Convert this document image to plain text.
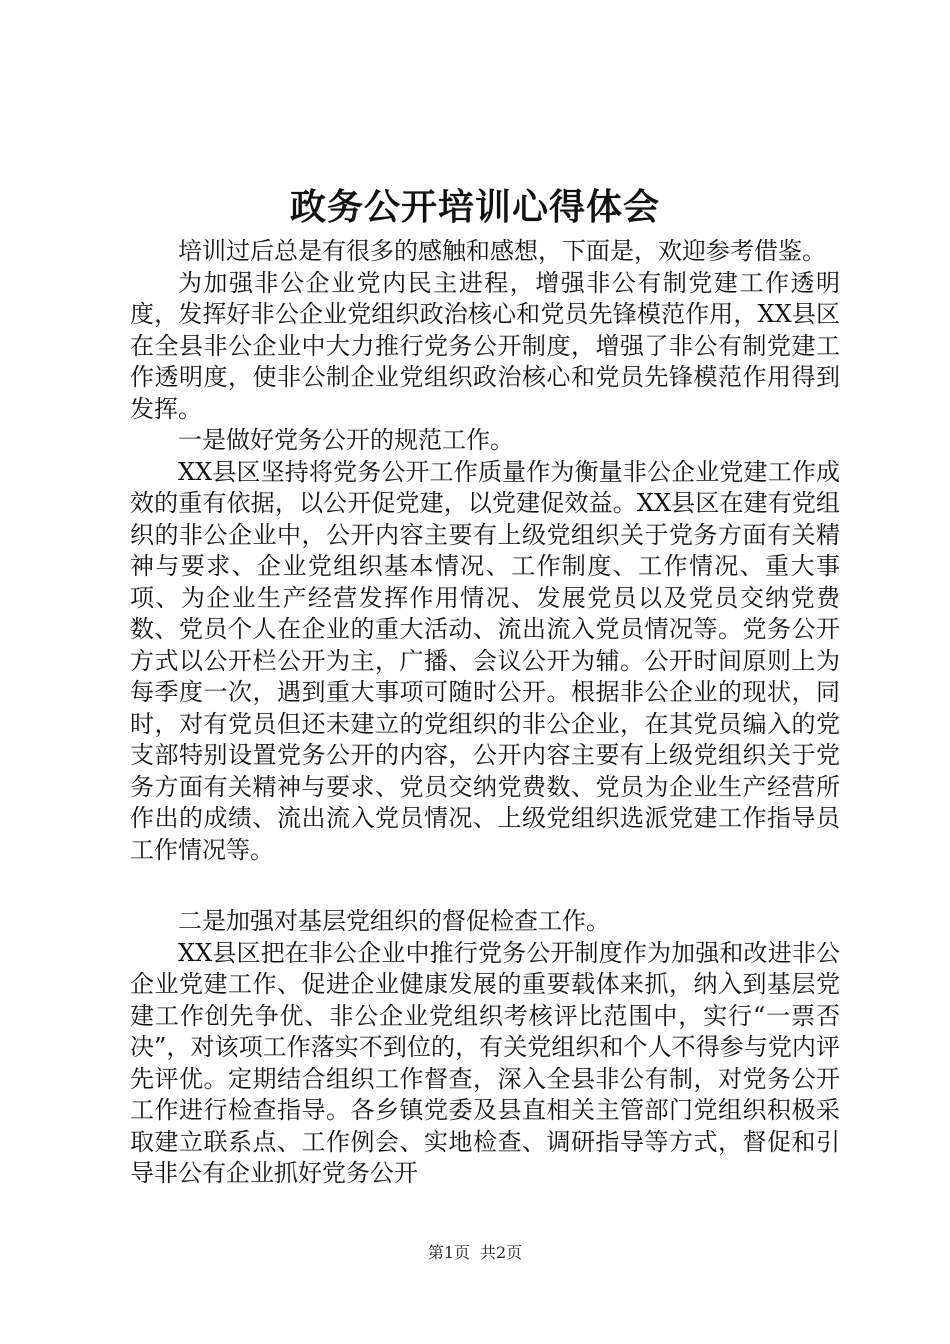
政务公开培训心得体会

培训过后总是有很多的感触和感想，下面是，欢迎参考借鉴。

为加强非公企业党内民主进程，增强非公有制党建工作透明度，发挥好非公企业党组织政治核心和党员先锋模范作用，XX县区在全县非公企业中大力推行党务公开制度，增强了非公有制党建工作透明度，使非公制企业党组织政治核心和党员先锋模范作用得到发挥。

一是做好党务公开的规范工作。

XX县区坚持将党务公开工作质量作为衡量非公企业党建工作成效的重有依据，以公开促党建，以党建促效益。XX县区在建有党组织的非公企业中，公开内容主要有上级党组织关于党务方面有关精神与要求、企业党组织基本情况、工作制度、工作情况、重大事项、为企业生产经营发挥作用情况、发展党员以及党员交纳党费数、党员个人在企业的重大活动、流出流入党员情况等。党务公开方式以公开栏公开为主，广播、会议公开为辅。公开时间原则上为每季度一次，遇到重大事项可随时公开。根据非公企业的现状，同时，对有党员但还未建立的党组织的非公企业，在其党员编入的党支部特别设置党务公开的内容，公开内容主要有上级党组织关于党务方面有关精神与要求、党员交纳党费数、党员为企业生产经营所作出的成绩、流出流入党员情况、上级党组织选派党建工作指导员工作情况等。

二是加强对基层党组织的督促检查工作。

XX县区把在非公企业中推行党务公开制度作为加强和改进非公企业党建工作、促进企业健康发展的重要载体来抓，纳入到基层党建工作创先争优、非公企业党组织考核评比范围中，实行“一票否决”，对该项工作落实不到位的，有关党组织和个人不得参与党内评先评优。定期结合组织工作督查，深入全县非公有制，对党务公开工作进行检查指导。各乡镇党委及县直相关主管部门党组织积极采取建立联系点、工作例会、实地检查、调研指导等方式，督促和引导非公有企业抓好党务公开

第1页 共2页
